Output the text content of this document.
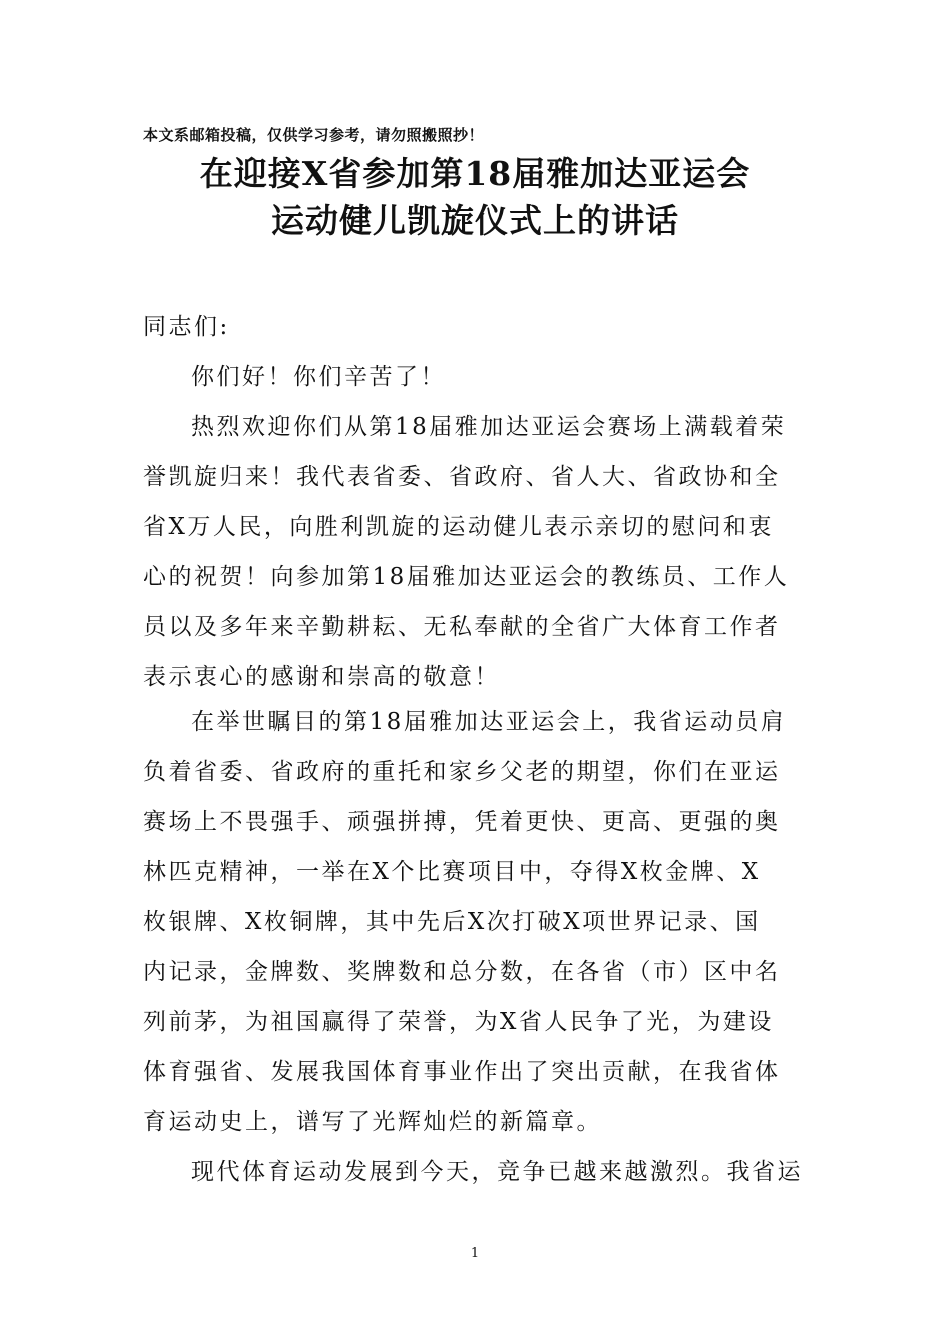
本文系邮箱投稿，仅供学习参考，请勿照搬照抄！
在迎接X省参加第18届雅加达亚运会
运动健儿凯旋仪式上的讲话
同志们:
你们好！你们辛苦了！
热烈欢迎你们从第18届雅加达亚运会赛场上满载着荣
誉凯旋归来！我代表省委、省政府、省人大、省政协和全
省X万人民，向胜利凯旋的运动健儿表示亲切的慰问和衷
心的祝贺！向参加第18届雅加达亚运会的教练员、工作人
员以及多年来辛勤耕耘、无私奉献的全省广大体育工作者
表示衷心的感谢和崇高的敬意！
在举世瞩目的第18届雅加达亚运会上，我省运动员肩
负着省委、省政府的重托和家乡父老的期望，你们在亚运
赛场上不畏强手、顽强拼搏，凭着更快、更高、更强的奥
林匹克精神，一举在X个比赛项目中，夺得X枚金牌、X
枚银牌、X枚铜牌，其中先后X次打破X项世界记录、国
内记录，金牌数、奖牌数和总分数，在各省（市）区中名
列前茅，为祖国赢得了荣誉，为X省人民争了光，为建设
体育强省、发展我国体育事业作出了突出贡献，在我省体
育运动史上，谱写了光辉灿烂的新篇章。
现代体育运动发展到今天，竞争已越来越激烈。我省运
1
